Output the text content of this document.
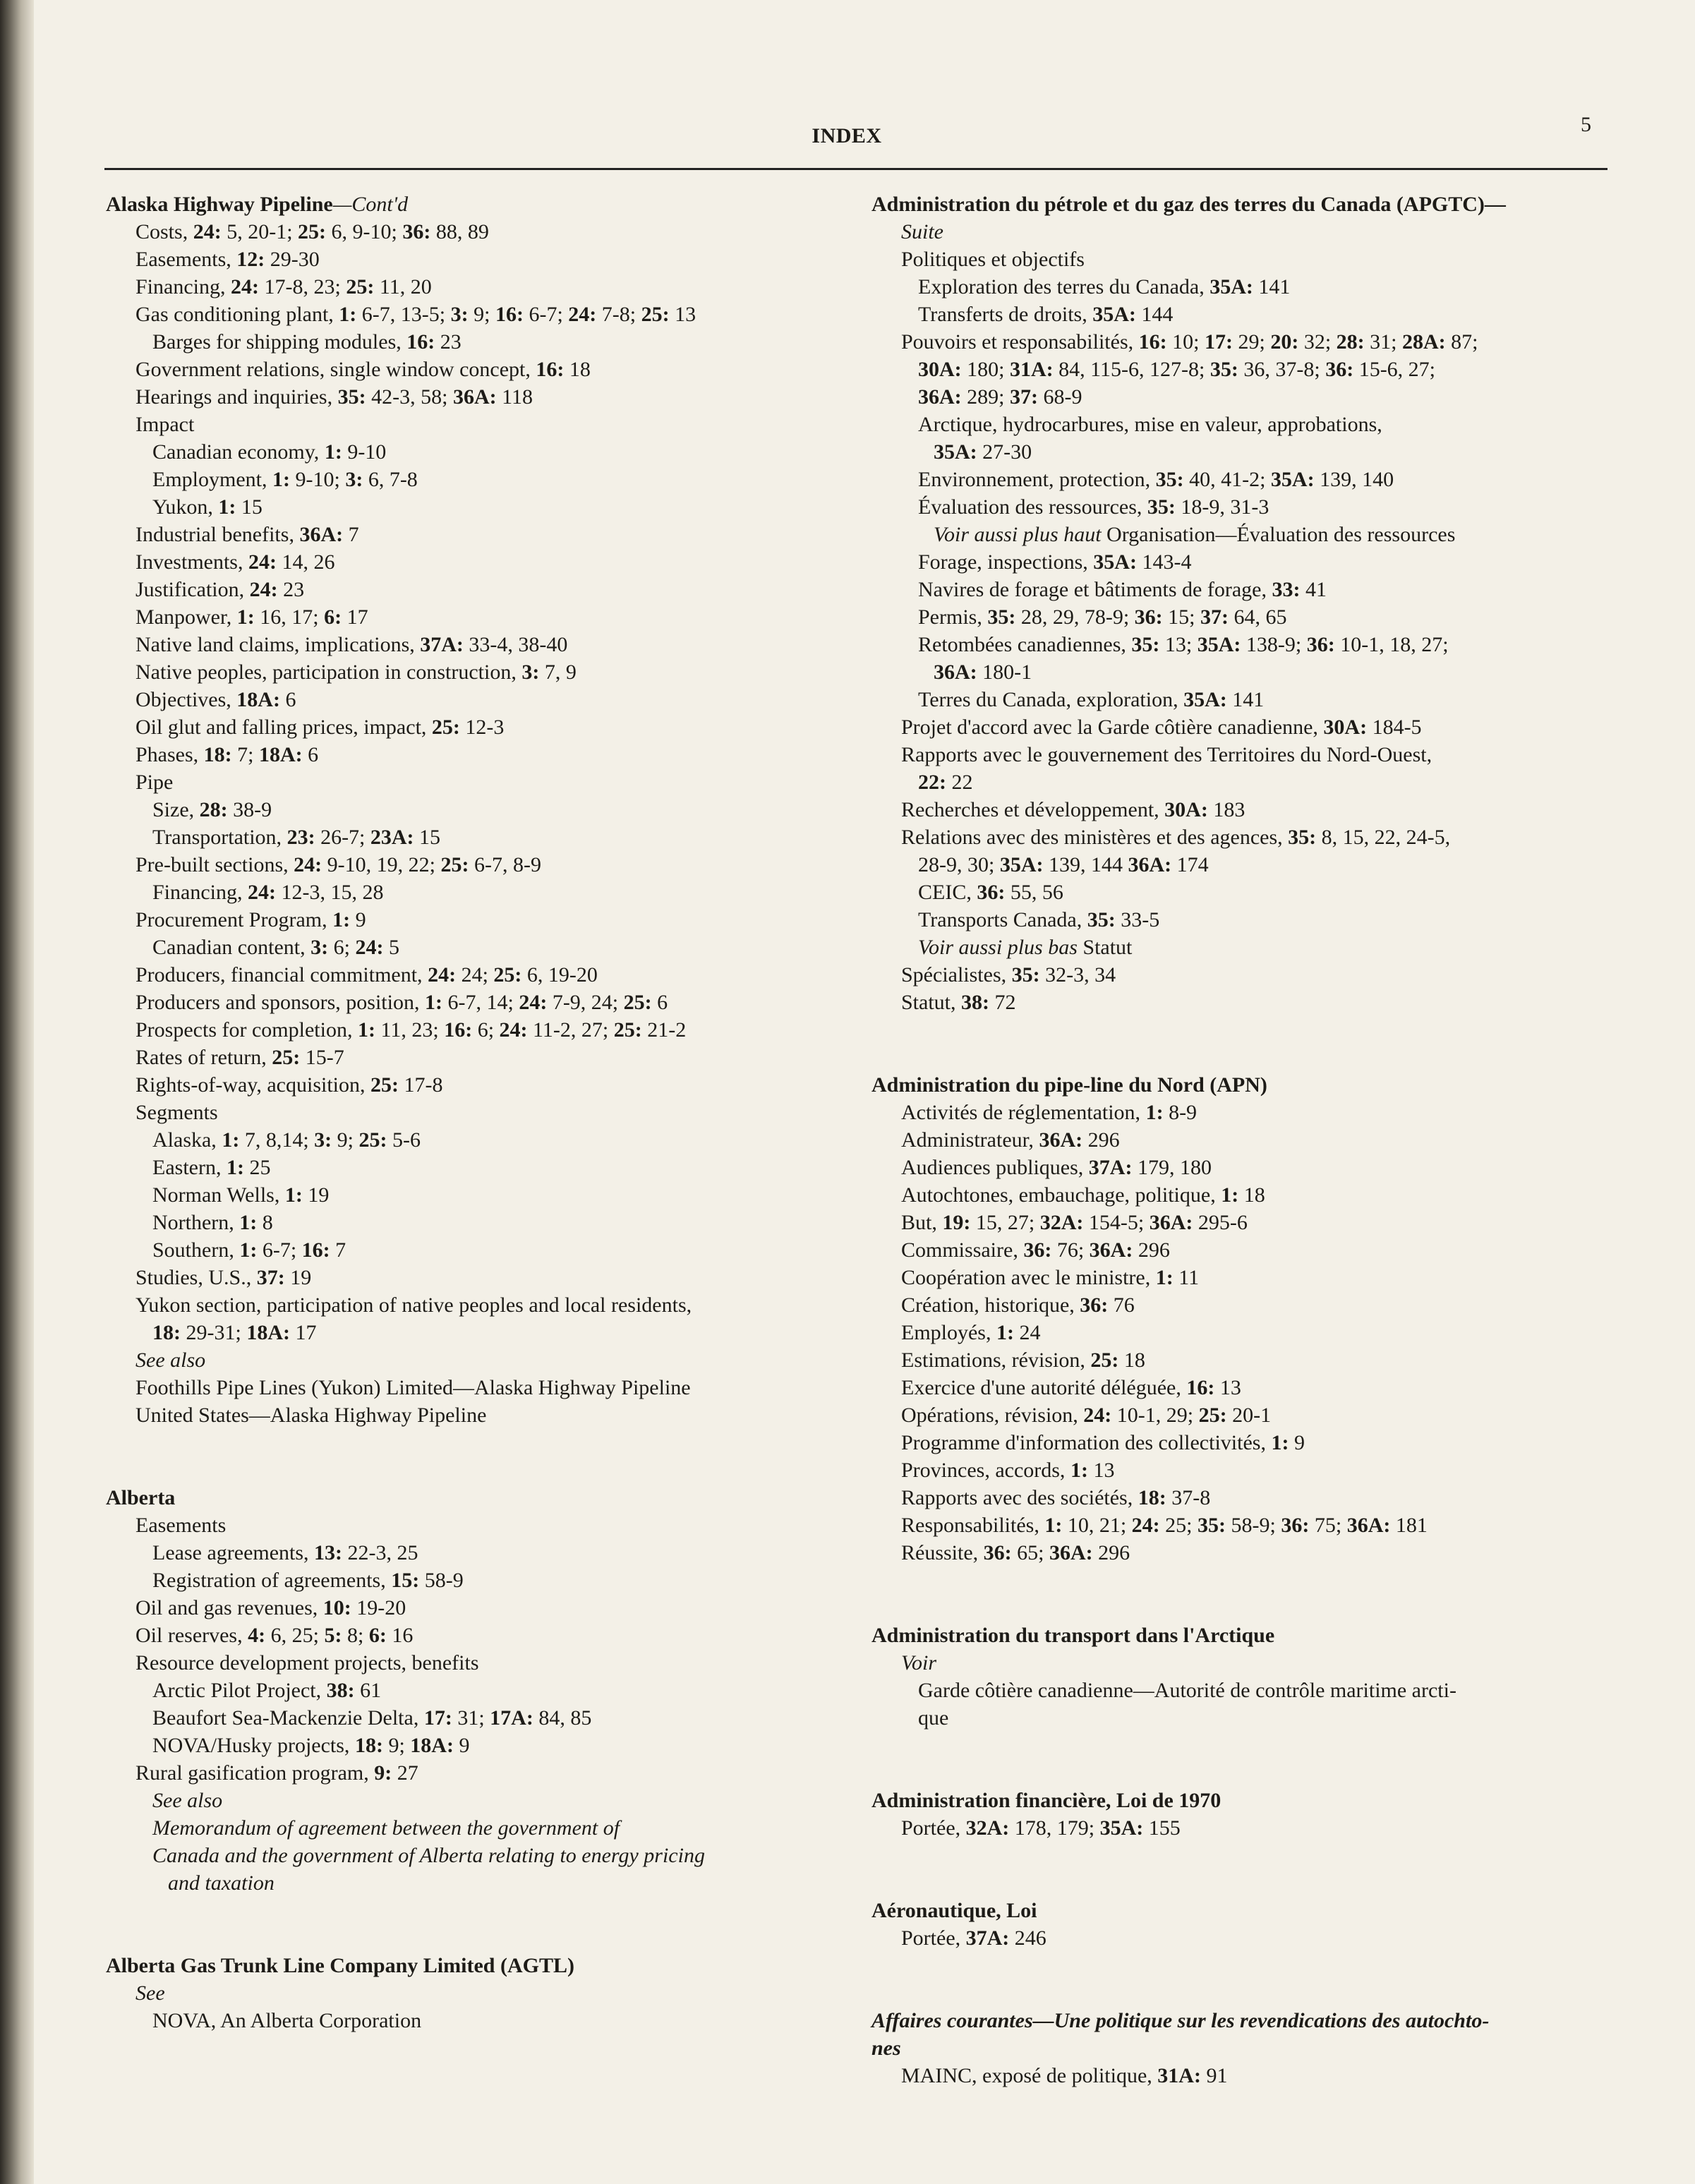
INDEX	5
Alaska Highway Pipeline—Cont'd
Costs, 24: 5, 20-1; 25: 6, 9-10; 36: 88, 89
Easements, 12: 29-30
Financing, 24: 17-8, 23; 25: 11, 20
Gas conditioning plant, 1: 6-7, 13-5; 3: 9; 16: 6-7; 24: 7-8; 25: 13
Barges for shipping modules, 16: 23
Government relations, single window concept, 16: 18
Hearings and inquiries, 35: 42-3, 58; 36A: 118
Impact
Canadian economy, 1: 9-10
Employment, 1: 9-10; 3: 6, 7-8
Yukon, 1: 15
Industrial benefits, 36A: 7
Investments, 24: 14, 26
Justification, 24: 23
Manpower, 1: 16, 17; 6: 17
Native land claims, implications, 37A: 33-4, 38-40
Native peoples, participation in construction, 3: 7, 9
Objectives, 18A: 6
Oil glut and falling prices, impact, 25: 12-3
Phases, 18: 7; 18A: 6
Pipe
Size, 28: 38-9
Transportation, 23: 26-7; 23A: 15
Pre-built sections, 24: 9-10, 19, 22; 25: 6-7, 8-9
Financing, 24: 12-3, 15, 28
Procurement Program, 1: 9
Canadian content, 3: 6; 24: 5
Producers, financial commitment, 24: 24; 25: 6, 19-20
Producers and sponsors, position, 1: 6-7, 14; 24: 7-9, 24; 25: 6
Prospects for completion, 1: 11, 23; 16: 6; 24: 11-2, 27; 25: 21-2
Rates of return, 25: 15-7
Rights-of-way, acquisition, 25: 17-8
Segments
Alaska, 1: 7, 8,14; 3: 9; 25: 5-6
Eastern, 1: 25
Norman Wells, 1: 19
Northern, 1: 8
Southern, 1: 6-7; 16: 7
Studies, U.S., 37: 19
Yukon section, participation of native peoples and local residents,
18: 29-31; 18A: 17
See also
Foothills Pipe Lines (Yukon) Limited—Alaska Highway Pipeline
United States—Alaska Highway Pipeline
Alberta
Easements
Lease agreements, 13: 22-3, 25
Registration of agreements, 15: 58-9
Oil and gas revenues, 10: 19-20
Oil reserves, 4: 6, 25; 5: 8; 6: 16
Resource development projects, benefits
Arctic Pilot Project, 38: 61
Beaufort Sea-Mackenzie Delta, 17: 31; 17A: 84, 85
NOVA/Husky projects, 18: 9; 18A: 9
Rural gasification program, 9: 27
See also
Memorandum of agreement between the government of
Canada and the government of Alberta relating to energy pricing
and taxation
Alberta Gas Trunk Line Company Limited (AGTL)
See
NOVA, An Alberta Corporation
Administration du pétrole et du gaz des terres du Canada (APGTC)—
Suite
Politiques et objectifs
Exploration des terres du Canada, 35A: 141
Transferts de droits, 35A: 144
Pouvoirs et responsabilités, 16: 10; 17: 29; 20: 32; 28: 31; 28A: 87;
30A: 180; 31A: 84, 115-6, 127-8; 35: 36, 37-8; 36: 15-6, 27;
36A: 289; 37: 68-9
Arctique, hydrocarbures, mise en valeur, approbations,
35A: 27-30
Environnement, protection, 35: 40, 41-2; 35A: 139, 140
Évaluation des ressources, 35: 18-9, 31-3
Voir aussi plus haut Organisation—Évaluation des ressources
Forage, inspections, 35A: 143-4
Navires de forage et bâtiments de forage, 33: 41
Permis, 35: 28, 29, 78-9; 36: 15; 37: 64, 65
Retombées canadiennes, 35: 13; 35A: 138-9; 36: 10-1, 18, 27;
36A: 180-1
Terres du Canada, exploration, 35A: 141
Projet d'accord avec la Garde côtière canadienne, 30A: 184-5
Rapports avec le gouvernement des Territoires du Nord-Ouest,
22: 22
Recherches et développement, 30A: 183
Relations avec des ministères et des agences, 35: 8, 15, 22, 24-5,
28-9, 30; 35A: 139, 144 36A: 174
CEIC, 36: 55, 56
Transports Canada, 35: 33-5
Voir aussi plus bas Statut
Spécialistes, 35: 32-3, 34
Statut, 38: 72
Administration du pipe-line du Nord (APN)
Activités de réglementation, 1: 8-9
Administrateur, 36A: 296
Audiences publiques, 37A: 179, 180
Autochtones, embauchage, politique, 1: 18
But, 19: 15, 27; 32A: 154-5; 36A: 295-6
Commissaire, 36: 76; 36A: 296
Coopération avec le ministre, 1: 11
Création, historique, 36: 76
Employés, 1: 24
Estimations, révision, 25: 18
Exercice d'une autorité déléguée, 16: 13
Opérations, révision, 24: 10-1, 29; 25: 20-1
Programme d'information des collectivités, 1: 9
Provinces, accords, 1: 13
Rapports avec des sociétés, 18: 37-8
Responsabilités, 1: 10, 21; 24: 25; 35: 58-9; 36: 75; 36A: 181
Réussite, 36: 65; 36A: 296
Administration du transport dans l'Arctique
Voir
Garde côtière canadienne—Autorité de contrôle maritime arcti-
que
Administration financière, Loi de 1970
Portée, 32A: 178, 179; 35A: 155
Aéronautique, Loi
Portée, 37A: 246
Affaires courantes—Une politique sur les revendications des autochto-
nes
MAINC, exposé de politique, 31A: 91
